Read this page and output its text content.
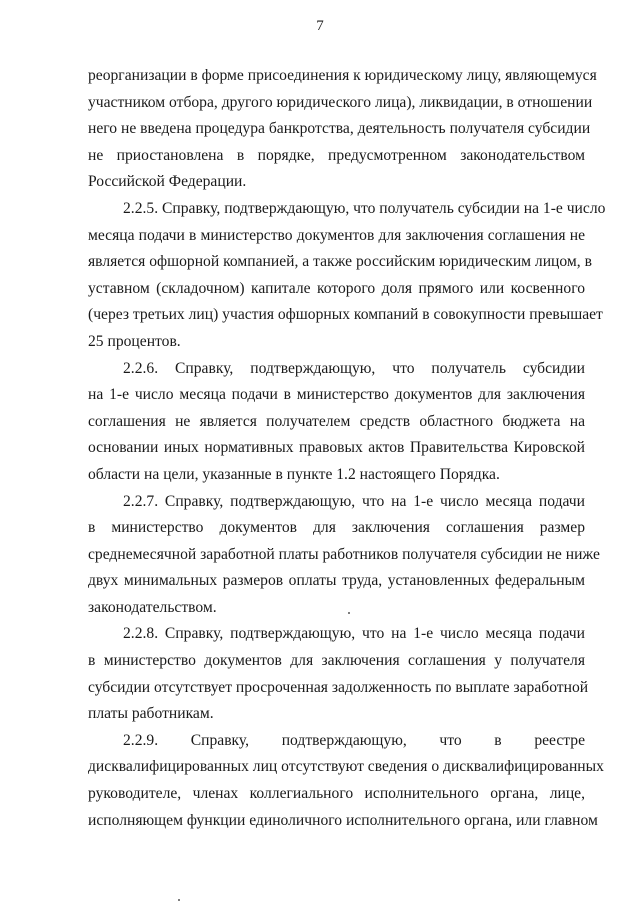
7
реорганизации в форме присоединения к юридическому лицу, являющемуся
участником отбора, другого юридического лица), ликвидации, в отношении
него не введена процедура банкротства, деятельность получателя субсидии
не приостановлена в порядке, предусмотренном законодательством
Российской Федерации.
2.2.5. Справку, подтверждающую, что получатель субсидии на 1-е число
месяца подачи в министерство документов для заключения соглашения не
является офшорной компанией, а также российским юридическим лицом, в
уставном (складочном) капитале которого доля прямого или косвенного
(через третьих лиц) участия офшорных компаний в совокупности превышает
25 процентов.
2.2.6. Справку, подтверждающую, что получатель субсидии
на 1-е число месяца подачи в министерство документов для заключения
соглашения не является получателем средств областного бюджета на
основании иных нормативных правовых актов Правительства Кировской
области на цели, указанные в пункте 1.2 настоящего Порядка.
2.2.7. Справку, подтверждающую, что на 1-е число месяца подачи
в министерство документов для заключения соглашения размер
среднемесячной заработной платы работников получателя субсидии не ниже
двух минимальных размеров оплаты труда, установленных федеральным
законодательством.
2.2.8. Справку, подтверждающую, что на 1-е число месяца подачи
в министерство документов для заключения соглашения у получателя
субсидии отсутствует просроченная задолженность по выплате заработной
платы работникам.
2.2.9. Справку, подтверждающую, что в реестре
дисквалифицированных лиц отсутствуют сведения о дисквалифицированных
руководителе, членах коллегиального исполнительного органа, лице,
исполняющем функции единоличного исполнительного органа, или главном
